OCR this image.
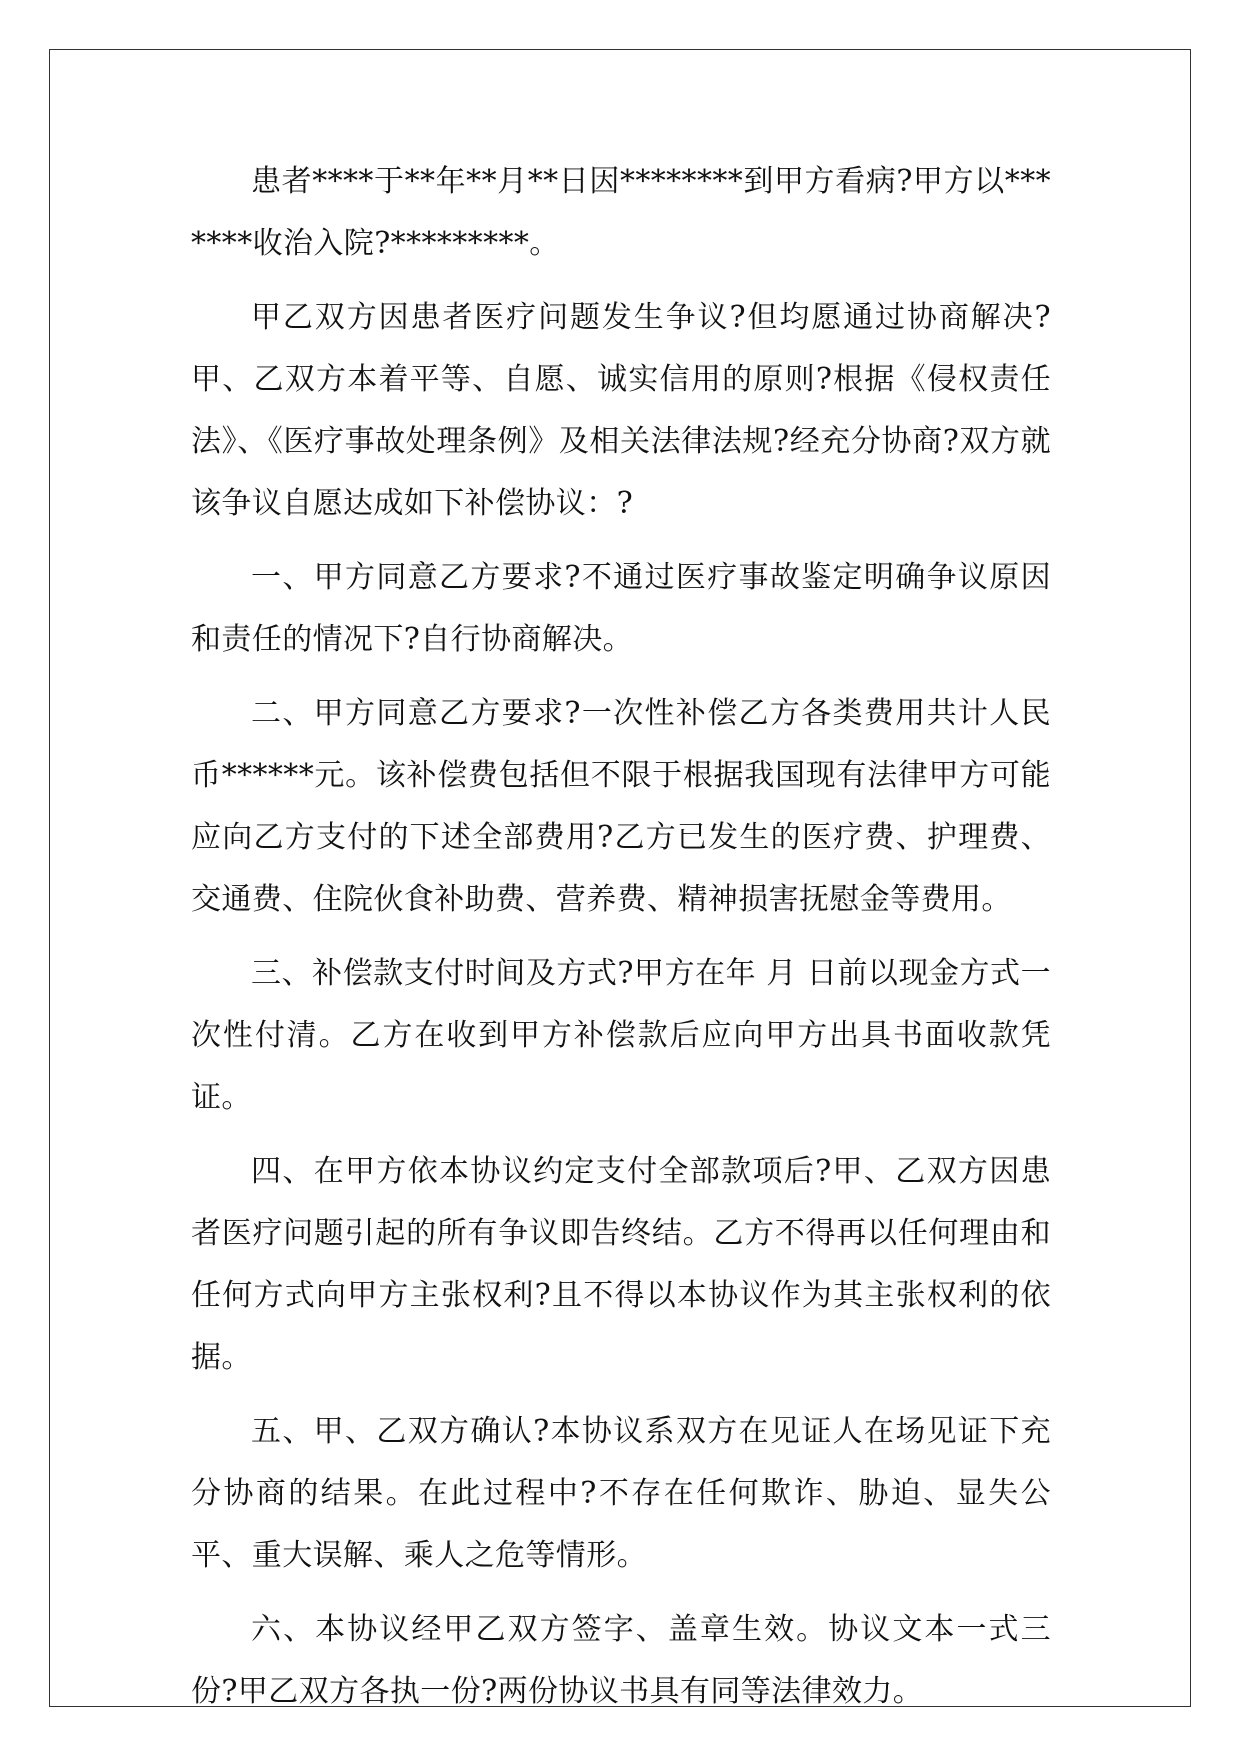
患者****于**年**月**日因********到甲方看病?甲方以*******收治入院?*********。

甲乙双方因患者医疗问题发生争议?但均愿通过协商解决?甲、乙双方本着平等、自愿、诚实信用的原则?根据《侵权责任法》、《医疗事故处理条例》及相关法律法规?经充分协商?双方就该争议自愿达成如下补偿协议：?

一、甲方同意乙方要求?不通过医疗事故鉴定明确争议原因和责任的情况下?自行协商解决。

二、甲方同意乙方要求?一次性补偿乙方各类费用共计人民币******元。该补偿费包括但不限于根据我国现有法律甲方可能应向乙方支付的下述全部费用?乙方已发生的医疗费、护理费、交通费、住院伙食补助费、营养费、精神损害抚慰金等费用。

三、补偿款支付时间及方式?甲方在年 月 日前以现金方式一次性付清。乙方在收到甲方补偿款后应向甲方出具书面收款凭证。

四、在甲方依本协议约定支付全部款项后?甲、乙双方因患者医疗问题引起的所有争议即告终结。乙方不得再以任何理由和任何方式向甲方主张权利?且不得以本协议作为其主张权利的依据。

五、甲、乙双方确认?本协议系双方在见证人在场见证下充分协商的结果。在此过程中?不存在任何欺诈、胁迫、显失公平、重大误解、乘人之危等情形。

六、本协议经甲乙双方签字、盖章生效。协议文本一式三份?甲乙双方各执一份?两份协议书具有同等法律效力。
